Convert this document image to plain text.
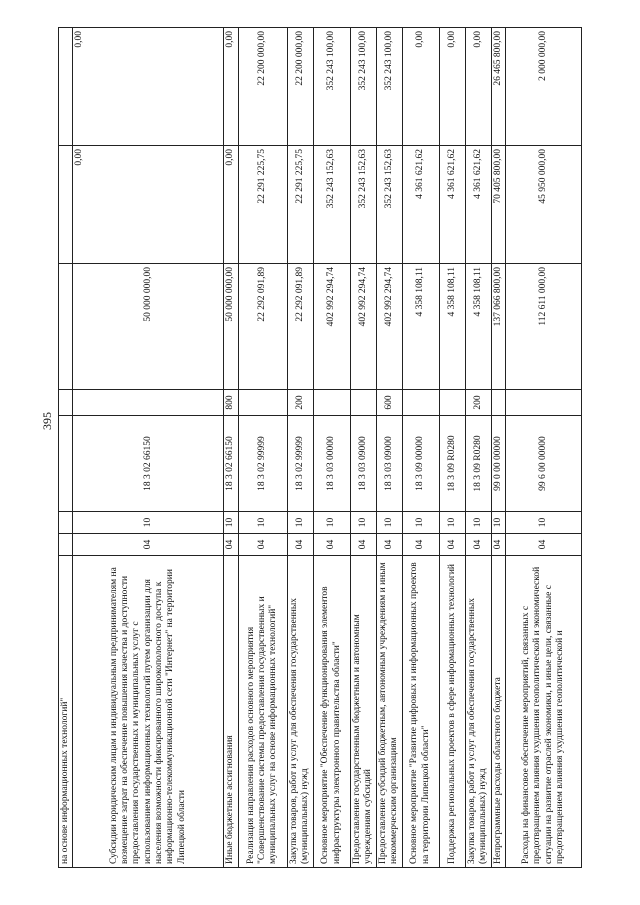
395
на основе информационных технологий"							
Субсидии юридическим лицам и индивидуальным предпринимателям на возмещение затрат на обеспечение повышения качества и доступности предоставления государственных и муниципальных услуг с использованием информационных технологий путем организации для населения возможности фиксированного широкополосного доступа к информационно-телекоммуникационной сети "Интернет" на территории Липецкой области	04	10	18 3 02 66150		50 000 000,00	0,00	0,00
Иные бюджетные ассигнования	04	10	18 3 02 66150	800	50 000 000,00	0,00	0,00
Реализация направления расходов основного мероприятия "Совершенствование системы предоставления государственных и муниципальных услуг на основе информационных технологий"	04	10	18 3 02 99999		22 292 091,89	22 291 225,75	22 200 000,00
Закупка товаров, работ и услуг для обеспечения государственных (муниципальных) нужд	04	10	18 3 02 99999	200	22 292 091,89	22 291 225,75	22 200 000,00
Основное мероприятие "Обеспечение функционирования элементов инфраструктуры электронного правительства области"	04	10	18 3 03 00000		402 992 294,74	352 243 152,63	352 243 100,00
Предоставление государственным бюджетным и автономным учреждениям субсидий	04	10	18 3 03 09000		402 992 294,74	352 243 152,63	352 243 100,00
Предоставление субсидий бюджетным, автономным учреждениям и иным некоммерческим организациям	04	10	18 3 03 09000	600	402 992 294,74	352 243 152,63	352 243 100,00
Основное мероприятие "Развитие цифровых и информационных проектов на территории Липецкой области"	04	10	18 3 09 00000		4 358 108,11	4 361 621,62	0,00
Поддержка региональных проектов в сфере информационных технологий	04	10	18 3 09 R0280		4 358 108,11	4 361 621,62	0,00
Закупка товаров, работ и услуг для обеспечения государственных (муниципальных) нужд	04	10	18 3 09 R0280	200	4 358 108,11	4 361 621,62	0,00
Непрограммные расходы областного бюджета	04	10	99 0 00 00000		137 066 800,00	70 405 800,00	26 465 800,00
Расходы на финансовое обеспечение мероприятий, связанных с предотвращением влияния ухудшения геополитической и экономической ситуации на развитие отраслей экономики, и иные цели, связанные с предотвращением влияния ухудшения геополитической и	04	10	99 6 00 00000		112 611 000,00	45 950 000,00	2 000 000,00
